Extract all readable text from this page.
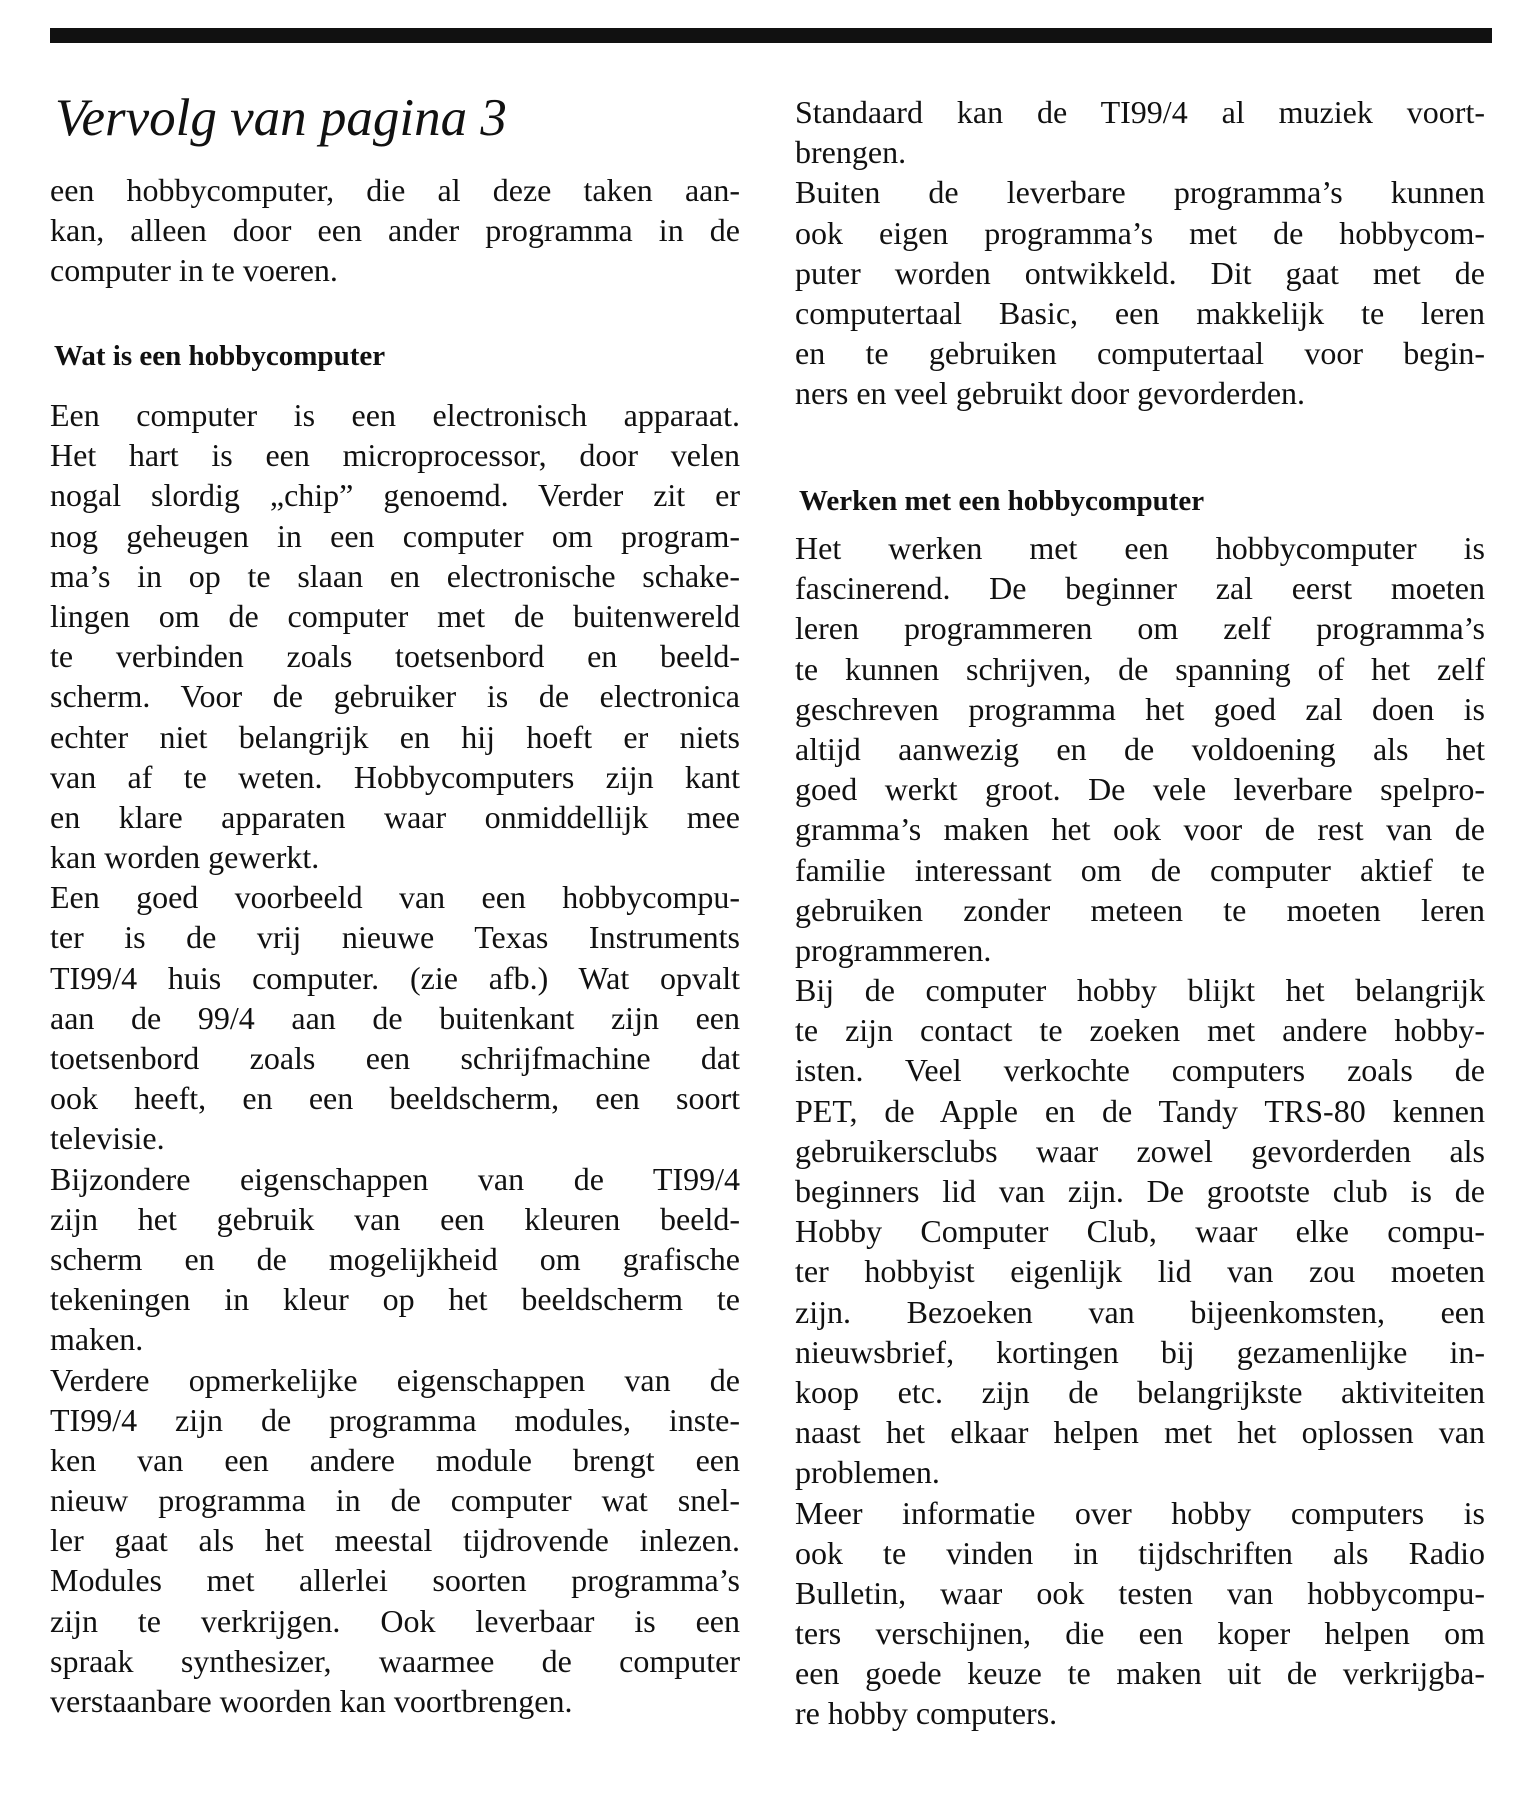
Vervolg van pagina 3
een hobbycomputer, die al deze taken aan-
kan, alleen door een ander programma in de
computer in te voeren.
Wat is een hobbycomputer
Een computer is een electronisch apparaat.
Het hart is een microprocessor, door velen
nogal slordig „chip” genoemd. Verder zit er
nog geheugen in een computer om program-
ma’s in op te slaan en electronische schake-
lingen om de computer met de buitenwereld
te verbinden zoals toetsenbord en beeld-
scherm. Voor de gebruiker is de electronica
echter niet belangrijk en hij hoeft er niets
van af te weten. Hobbycomputers zijn kant
en klare apparaten waar onmiddellijk mee
kan worden gewerkt.
Een goed voorbeeld van een hobbycompu-
ter is de vrij nieuwe Texas Instruments
TI99/4 huis computer. (zie afb.) Wat opvalt
aan de 99/4 aan de buitenkant zijn een
toetsenbord zoals een schrijfmachine dat
ook heeft, en een beeldscherm, een soort
televisie.
Bijzondere eigenschappen van de TI99/4
zijn het gebruik van een kleuren beeld-
scherm en de mogelijkheid om grafische
tekeningen in kleur op het beeldscherm te
maken.
Verdere opmerkelijke eigenschappen van de
TI99/4 zijn de programma modules, inste-
ken van een andere module brengt een
nieuw programma in de computer wat snel-
ler gaat als het meestal tijdrovende inlezen.
Modules met allerlei soorten programma’s
zijn te verkrijgen. Ook leverbaar is een
spraak synthesizer, waarmee de computer
verstaanbare woorden kan voortbrengen.
Standaard kan de TI99/4 al muziek voort-
brengen.
Buiten de leverbare programma’s kunnen
ook eigen programma’s met de hobbycom-
puter worden ontwikkeld. Dit gaat met de
computertaal Basic, een makkelijk te leren
en te gebruiken computertaal voor begin-
ners en veel gebruikt door gevorderden.
Werken met een hobbycomputer
Het werken met een hobbycomputer is
fascinerend. De beginner zal eerst moeten
leren programmeren om zelf programma’s
te kunnen schrijven, de spanning of het zelf
geschreven programma het goed zal doen is
altijd aanwezig en de voldoening als het
goed werkt groot. De vele leverbare spelpro-
gramma’s maken het ook voor de rest van de
familie interessant om de computer aktief te
gebruiken zonder meteen te moeten leren
programmeren.
Bij de computer hobby blijkt het belangrijk
te zijn contact te zoeken met andere hobby-
isten. Veel verkochte computers zoals de
PET, de Apple en de Tandy TRS-80 kennen
gebruikersclubs waar zowel gevorderden als
beginners lid van zijn. De grootste club is de
Hobby Computer Club, waar elke compu-
ter hobbyist eigenlijk lid van zou moeten
zijn. Bezoeken van bijeenkomsten, een
nieuwsbrief, kortingen bij gezamenlijke in-
koop etc. zijn de belangrijkste aktiviteiten
naast het elkaar helpen met het oplossen van
problemen.
Meer informatie over hobby computers is
ook te vinden in tijdschriften als Radio
Bulletin, waar ook testen van hobbycompu-
ters verschijnen, die een koper helpen om
een goede keuze te maken uit de verkrijgba-
re hobby computers.
